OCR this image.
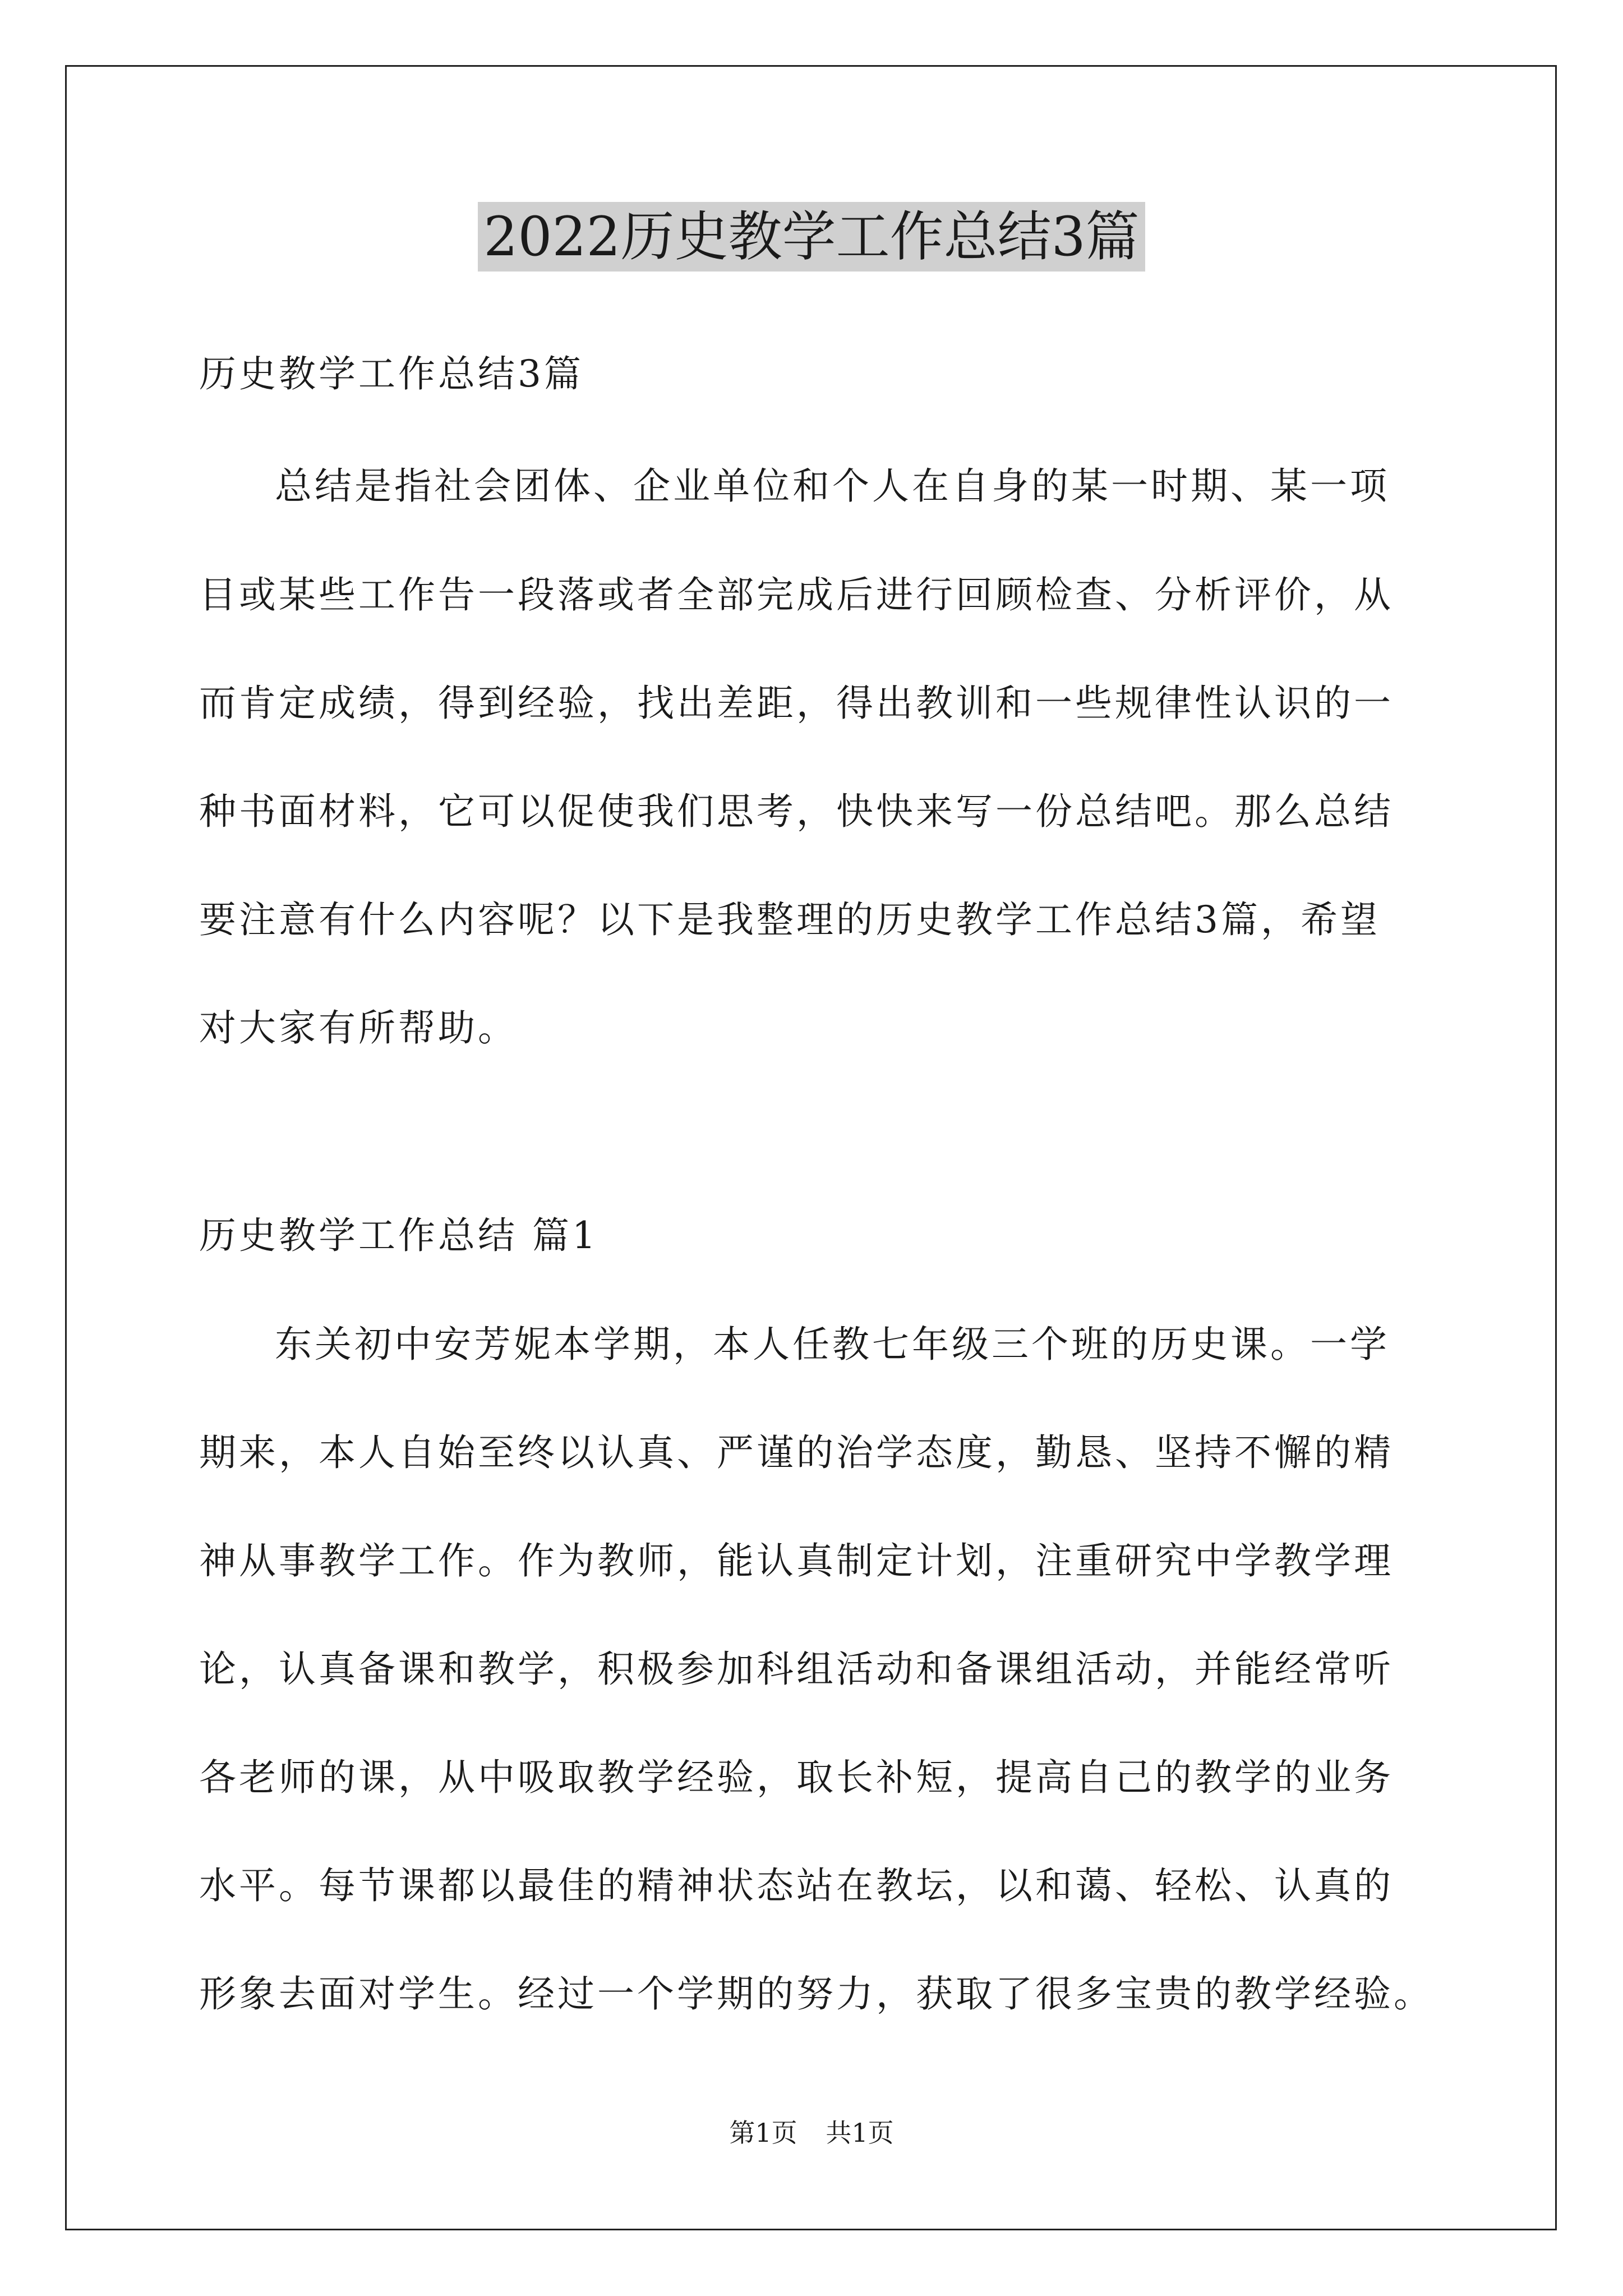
2022历史教学工作总结3篇
历史教学工作总结3篇
总结是指社会团体、企业单位和个人在自身的某一时期、某一项
目或某些工作告一段落或者全部完成后进行回顾检查、分析评价，从
而肯定成绩，得到经验，找出差距，得出教训和一些规律性认识的一
种书面材料，它可以促使我们思考，快快来写一份总结吧。那么总结
要注意有什么内容呢？以下是我整理的历史教学工作总结3篇，希望
对大家有所帮助。
历史教学工作总结 篇1
东关初中安芳妮本学期，本人任教七年级三个班的历史课。一学
期来，本人自始至终以认真、严谨的治学态度，勤恳、坚持不懈的精
神从事教学工作。作为教师，能认真制定计划，注重研究中学教学理
论，认真备课和教学，积极参加科组活动和备课组活动，并能经常听
各老师的课，从中吸取教学经验，取长补短，提高自己的教学的业务
水平。每节课都以最佳的精神状态站在教坛，以和蔼、轻松、认真的
形象去面对学生。经过一个学期的努力，获取了很多宝贵的教学经验。
第1页 共1页
